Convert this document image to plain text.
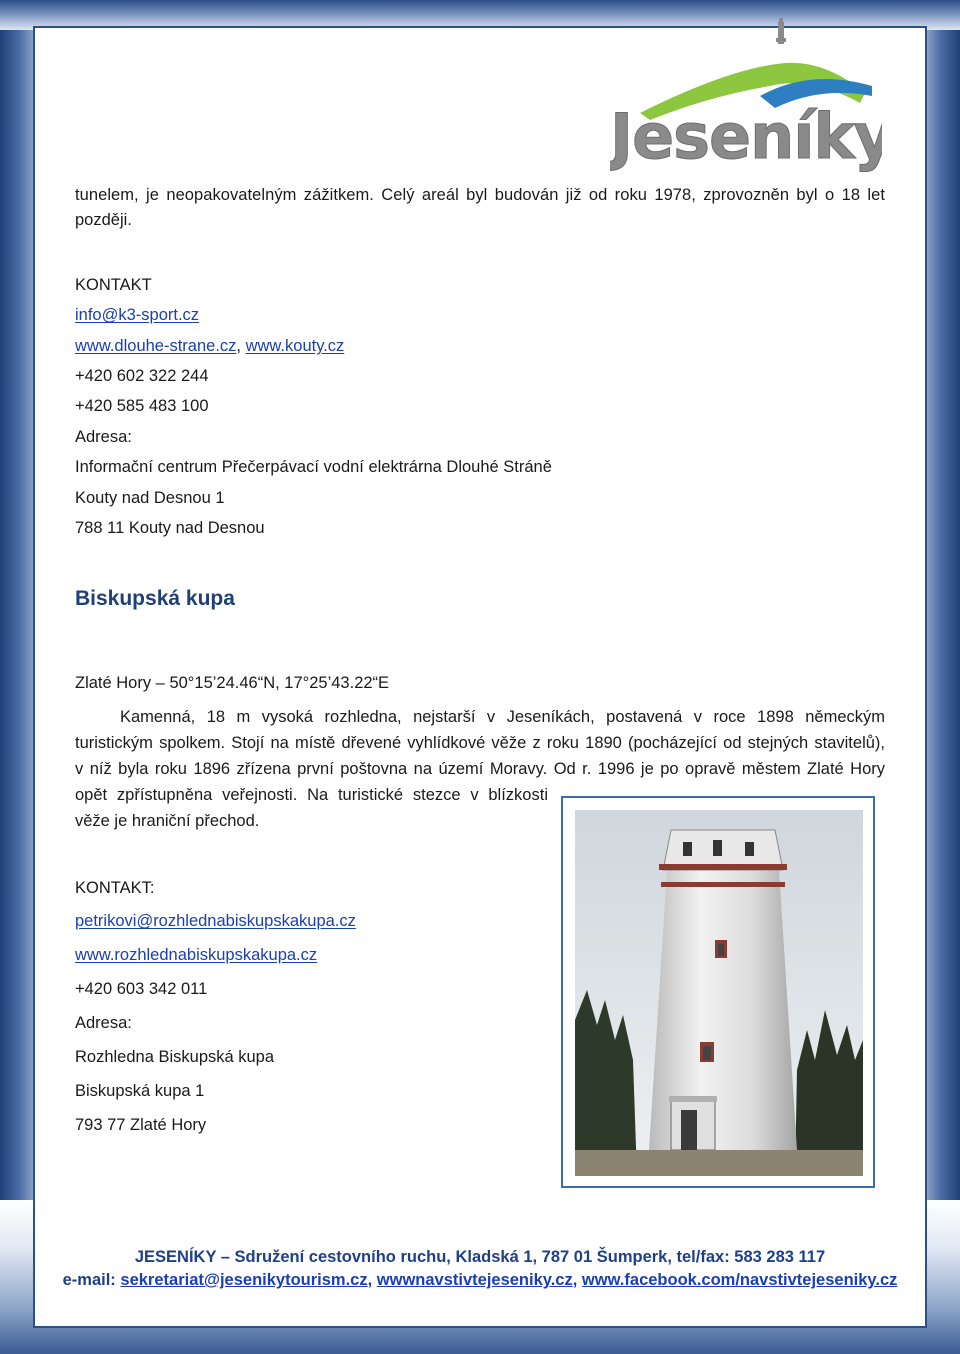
Jeseníky
tunelem, je neopakovatelným zážitkem. Celý areál byl budován již od roku 1978, zprovozněn byl o 18 let
později.
KONTAKT
info@k3-sport.cz
www.dlouhe-strane.cz, www.kouty.cz
+420 602 322 244
+420 585 483 100
Adresa:
Informační centrum Přečerpávací vodní elektrárna Dlouhé Stráně
Kouty nad Desnou 1
788 11 Kouty nad Desnou
Biskupská kupa
Zlaté Hory – 50°15’24.46“N, 17°25’43.22“E
Kamenná, 18 m vysoká rozhledna, nejstarší v Jeseníkách, postavená v roce 1898 německým
turistickým spolkem. Stojí na místě dřevené vyhlídkové věže z roku 1890 (pocházející od stejných stavitelů),
v níž byla roku 1896 zřízena první poštovna na území Moravy. Od r. 1996 je po opravě městem Zlaté Hory
opět zpřístupněna veřejnosti. Na turistické stezce v blízkosti
věže je hraniční přechod.
KONTAKT:
petrikovi@rozhlednabiskupskakupa.cz
www.rozhlednabiskupskakupa.cz
+420 603 342 011
Adresa:
Rozhledna Biskupská kupa
Biskupská kupa 1
793 77 Zlaté Hory
JESENÍKY – Sdružení cestovního ruchu, Kladská 1, 787 01 Šumperk, tel/fax: 583 283 117
e-mail: sekretariat@jesenikytourism.cz, wwwnavstivtejeseniky.cz, www.facebook.com/navstivtejeseniky.cz
